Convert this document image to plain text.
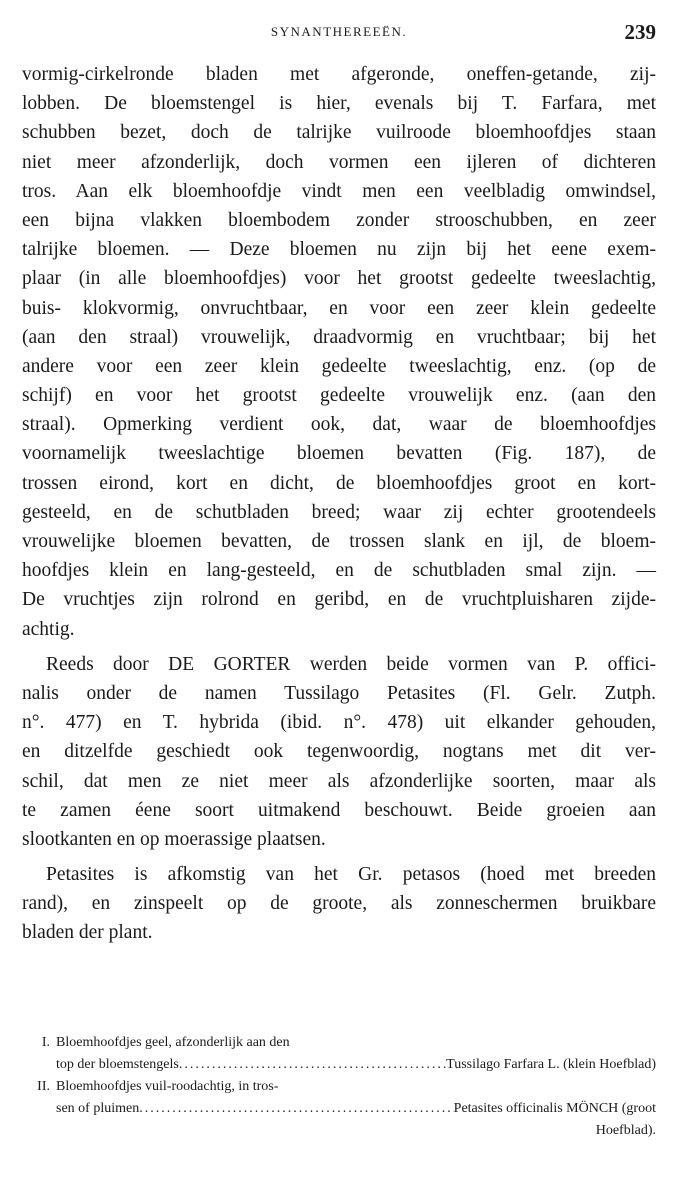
SYNANTHEREEËN.	239
vormig-cirkelronde bladen met afgeronde, oneffen-getande, zij-
lobben. De bloemstengel is hier, evenals bij T. Farfara, met
schubben bezet, doch de talrijke vuilroode bloemhoofdjes staan
niet meer afzonderlijk, doch vormen een ijleren of dichteren
tros. Aan elk bloemhoofdje vindt men een veelbladig omwindsel,
een bijna vlakken bloembodem zonder strooschubben, en zeer
talrijke bloemen. — Deze bloemen nu zijn bij het eene exem-
plaar (in alle bloemhoofdjes) voor het grootst gedeelte tweeslachtig,
buis- klokvormig, onvruchtbaar, en voor een zeer klein gedeelte
(aan den straal) vrouwelijk, draadvormig en vruchtbaar; bij het
andere voor een zeer klein gedeelte tweeslachtig, enz. (op de
schijf) en voor het grootst gedeelte vrouwelijk enz. (aan den
straal). Opmerking verdient ook, dat, waar de bloemhoofdjes
voornamelijk tweeslachtige bloemen bevatten (Fig. 187), de
trossen eirond, kort en dicht, de bloemhoofdjes groot en kort-
gesteeld, en de schutbladen breed; waar zij echter grootendeels
vrouwelijke bloemen bevatten, de trossen slank en ijl, de bloem-
hoofdjes klein en lang-gesteeld, en de schutbladen smal zijn. —
De vruchtjes zijn rolrond en geribd, en de vruchtpluisharen zijde-
achtig.
Reeds door DE GORTER werden beide vormen van P. offici-
nalis onder de namen Tussilago Petasites (Fl. Gelr. Zutph.
n°. 477) en T. hybrida (ibid. n°. 478) uit elkander gehouden,
en ditzelfde geschiedt ook tegenwoordig, nogtans met dit ver-
schil, dat men ze niet meer als afzonderlijke soorten, maar als
te zamen éene soort uitmakend beschouwt. Beide groeien aan
slootkanten en op moerassige plaatsen.
Petasites is afkomstig van het Gr. petasos (hoed met breeden
rand), en zinspeelt op de groote, als zonneschermen bruikbare
bladen der plant.
I. Bloemhoofdjes geel, afzonderlijk aan den
top der bloemstengels .....	Tussilago Farfara L. (klein Hoefblad)
II. Bloemhoofdjes vuil-roodachtig, in tros-
sen of pluimen .....	Petasites officinalis MÖNCH (groot
Hoefblad).
